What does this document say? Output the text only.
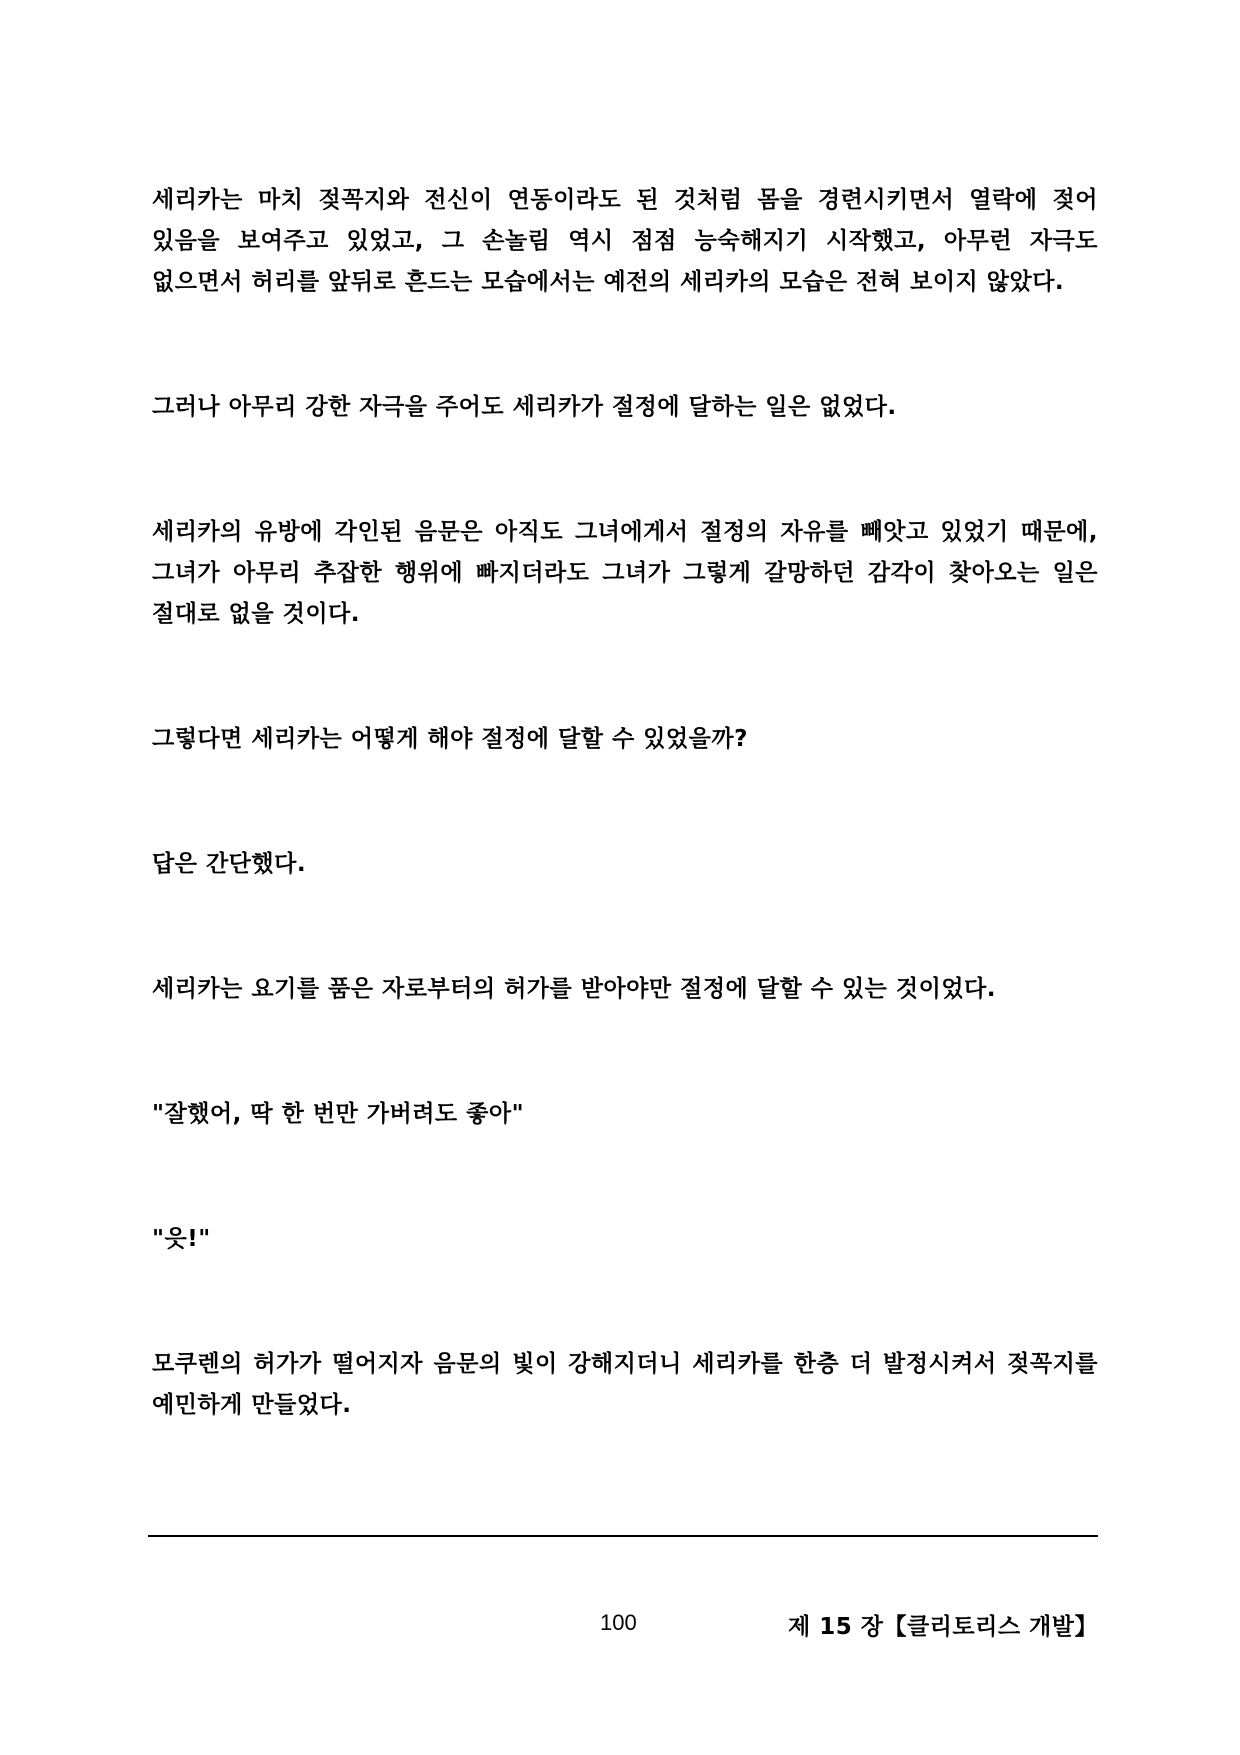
세리카는 마치 젖꼭지와 전신이 연동이라도 된 것처럼 몸을 경련시키면서 열락에 젖어 있음을 보여주고 있었고, 그 손놀림 역시 점점 능숙해지기 시작했고, 아무런 자극도 없으면서 허리를 앞뒤로 흔드는 모습에서는 예전의 세리카의 모습은 전혀 보이지 않았다.

그러나 아무리 강한 자극을 주어도 세리카가 절정에 달하는 일은 없었다.

세리카의 유방에 각인된 음문은 아직도 그녀에게서 절정의 자유를 빼앗고 있었기 때문에, 그녀가 아무리 추잡한 행위에 빠지더라도 그녀가 그렇게 갈망하던 감각이 찾아오는 일은 절대로 없을 것이다.

그렇다면 세리카는 어떻게 해야 절정에 달할 수 있었을까?

답은 간단했다.

세리카는 요기를 품은 자로부터의 허가를 받아야만 절정에 달할 수 있는 것이었다.

"잘했어, 딱 한 번만 가버려도 좋아"

"읏!"

모쿠렌의 허가가 떨어지자 음문의 빛이 강해지더니 세리카를 한층 더 발정시켜서 젖꼭지를 예민하게 만들었다.

100	제 15 장【클리토리스 개발】
